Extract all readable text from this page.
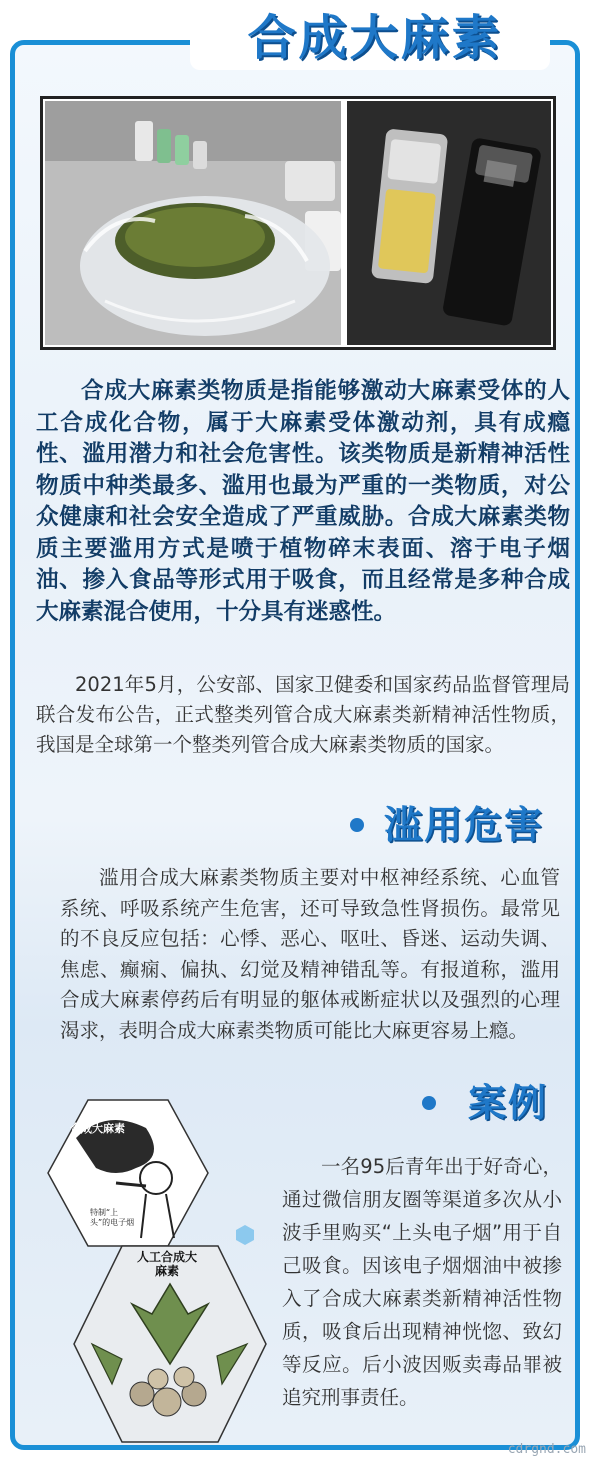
合成大麻素

合成大麻素类物质是指能够激动大麻素受体的人工合成化合物，属于大麻素受体激动剂，具有成瘾性、滥用潜力和社会危害性。该类物质是新精神活性物质中种类最多、滥用也最为严重的一类物质，对公众健康和社会安全造成了严重威胁。合成大麻素类物质主要滥用方式是喷于植物碎末表面、溶于电子烟油、掺入食品等形式用于吸食，而且经常是多种合成大麻素混合使用，十分具有迷惑性。

2021年5月，公安部、国家卫健委和国家药品监督管理局联合发布公告，正式整类列管合成大麻素类新精神活性物质，我国是全球第一个整类列管合成大麻素类物质的国家。

滥用危害

滥用合成大麻素类物质主要对中枢神经系统、心血管系统、呼吸系统产生危害，还可导致急性肾损伤。最常见的不良反应包括：心悸、恶心、呕吐、昏迷、运动失调、焦虑、癫痫、偏执、幻觉及精神错乱等。有报道称，滥用合成大麻素停药后有明显的躯体戒断症状以及强烈的心理渴求，表明合成大麻素类物质可能比大麻更容易上瘾。

案例
合成大麻素
特制“上头”的电子烟
人工合成大麻素

一名95后青年出于好奇心，通过微信朋友圈等渠道多次从小波手里购买“上头电子烟”用于自己吸食。因该电子烟烟油中被掺入了合成大麻素类新精神活性物质，吸食后出现精神恍惚、致幻等反应。后小波因贩卖毒品罪被追究刑事责任。

cdrgnd.com
